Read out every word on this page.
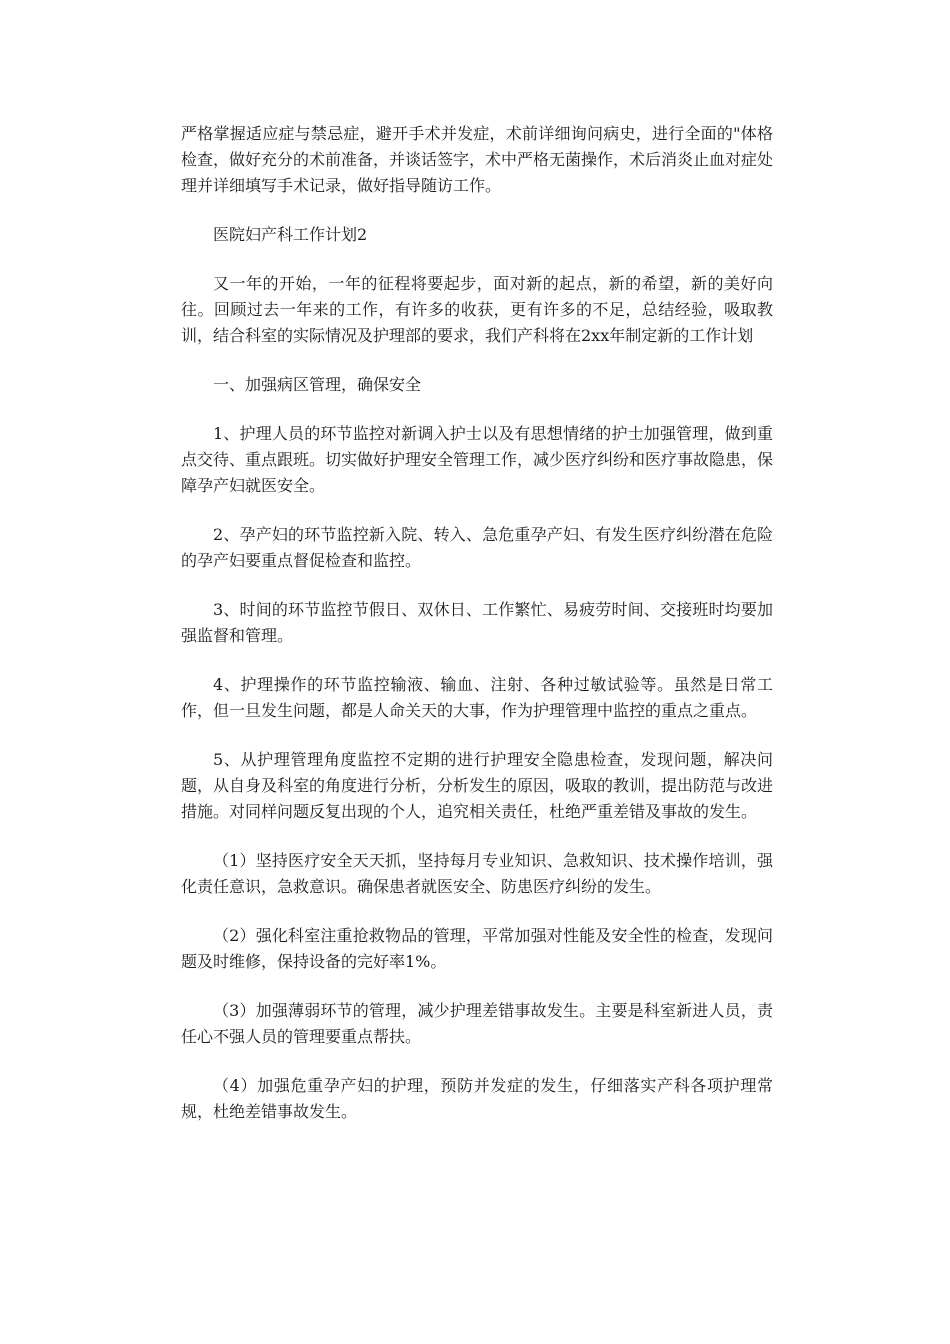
严格掌握适应症与禁忌症，避开手术并发症，术前详细询问病史，进行全面的"体格检查，做好充分的术前准备，并谈话签字，术中严格无菌操作，术后消炎止血对症处理并详细填写手术记录，做好指导随访工作。

医院妇产科工作计划2

又一年的开始，一年的征程将要起步，面对新的起点，新的希望，新的美好向往。回顾过去一年来的工作，有许多的收获，更有许多的不足，总结经验，吸取教训，结合科室的实际情况及护理部的要求，我们产科将在2xx年制定新的工作计划

一、加强病区管理，确保安全

1、护理人员的环节监控对新调入护士以及有思想情绪的护士加强管理，做到重点交待、重点跟班。切实做好护理安全管理工作，减少医疗纠纷和医疗事故隐患，保障孕产妇就医安全。

2、孕产妇的环节监控新入院、转入、急危重孕产妇、有发生医疗纠纷潜在危险的孕产妇要重点督促检查和监控。

3、时间的环节监控节假日、双休日、工作繁忙、易疲劳时间、交接班时均要加强监督和管理。

4、护理操作的环节监控输液、输血、注射、各种过敏试验等。虽然是日常工作，但一旦发生问题，都是人命关天的大事，作为护理管理中监控的重点之重点。

5、从护理管理角度监控不定期的进行护理安全隐患检查，发现问题，解决问题，从自身及科室的角度进行分析，分析发生的原因，吸取的教训，提出防范与改进措施。对同样问题反复出现的个人，追究相关责任，杜绝严重差错及事故的发生。

（1）坚持医疗安全天天抓，坚持每月专业知识、急救知识、技术操作培训，强化责任意识，急救意识。确保患者就医安全、防患医疗纠纷的发生。

（2）强化科室注重抢救物品的管理，平常加强对性能及安全性的检查，发现问题及时维修，保持设备的完好率1%。

（3）加强薄弱环节的管理，减少护理差错事故发生。主要是科室新进人员，责任心不强人员的管理要重点帮扶。

（4）加强危重孕产妇的护理，预防并发症的发生，仔细落实产科各项护理常规，杜绝差错事故发生。
